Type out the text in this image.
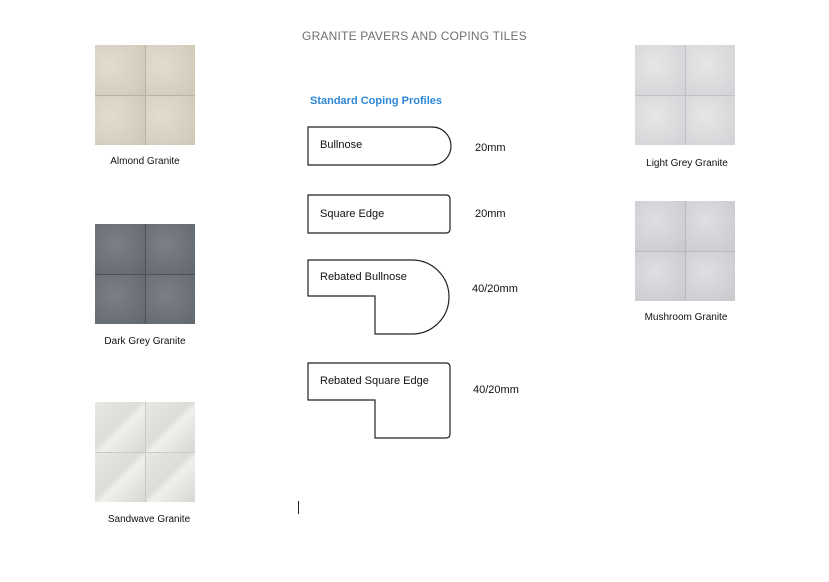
GRANITE PAVERS AND COPING TILES
Almond Granite
Dark Grey Granite
Sandwave Granite
Light Grey Granite
Mushroom Granite
Standard Coping Profiles
Bullnose	20mm
Square Edge	20mm
Rebated Bullnose
40/20mm
Rebated Square Edge
40/20mm
